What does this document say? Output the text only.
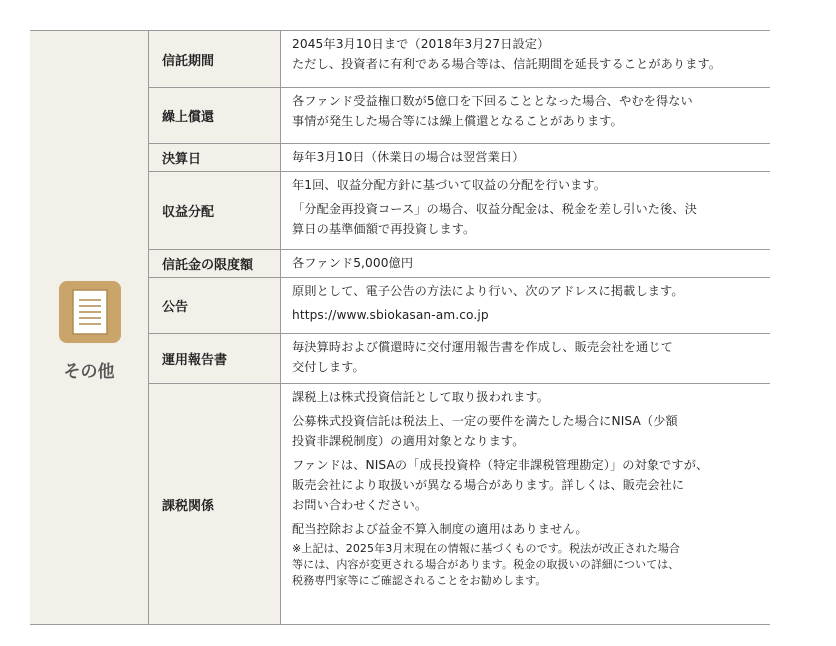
その他
信託期間

2045年3月10日まで（2018年3月27日設定）

ただし、投資者に有利である場合等は、信託期間を延長することがあります。

繰上償還

各ファンド受益権口数が5億口を下回ることとなった場合、やむを得ない

事情が発生した場合等には繰上償還となることがあります。

決算日	毎年3月10日（休業日の場合は翌営業日）

収益分配

年1回、収益分配方針に基づいて収益の分配を行います。

「分配金再投資コース」の場合、収益分配金は、税金を差し引いた後、決

算日の基準価額で再投資します。

信託金の限度額	各ファンド5,000億円

公告

原則として、電子公告の方法により行い、次のアドレスに掲載します。

https://www.sbiokasan-am.co.jp

運用報告書

毎決算時および償還時に交付運用報告書を作成し、販売会社を通じて

交付します。

課税関係

課税上は株式投資信託として取り扱われます。

公募株式投資信託は税法上、一定の要件を満たした場合にNISA（少額

投資非課税制度）の適用対象となります。

ファンドは、NISAの「成長投資枠（特定非課税管理勘定）」の対象ですが、

販売会社により取扱いが異なる場合があります。詳しくは、販売会社に

お問い合わせください。

配当控除および益金不算入制度の適用はありません。

※上記は、2025年3月末現在の情報に基づくものです。税法が改正された場合
等には、内容が変更される場合があります。税金の取扱いの詳細については、
税務専門家等にご確認されることをお勧めします。
